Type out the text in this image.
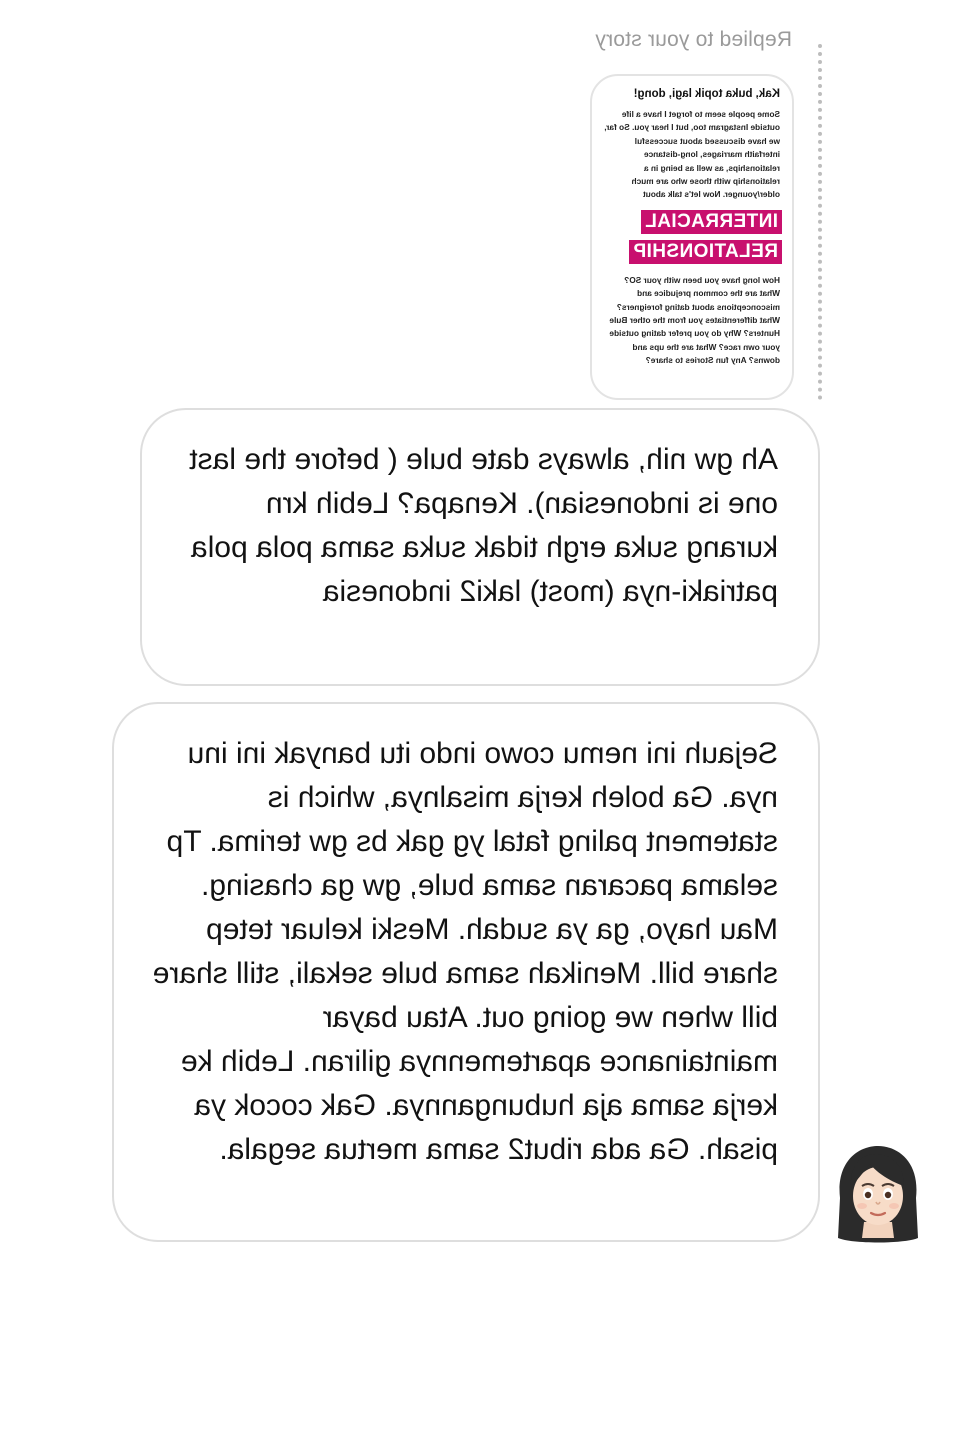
Replied to your story
Kak, buka topik lagi, dong!
Some people seem to forget I have a life outside Instagram too, but I hear you. So far, we have discussed about successful interfaith marriages, long-distance relationships, as well as being in a relationship with those who are much older/younger. Now let's talk about
INTERRACIAL
RELATIONSHIP
How long have you been with your SO? What are the common prejudice and misconceptions about dating foreigners? What differentiates you from the other Bule Hunters? Why do you prefer dating outside your own race? What are the ups and downs? Any fun Stories to share?
Ah gw nih, always date bule ( before the last one is indonesian). Kenapa? Lebih krn kurang suka ergh tidak suka sama pola pola patriaki-nya (most) laki2 indonesia
Sejauh ini nemu cowo indo itu banyak ini inu nya. Ga boleh kerja misalnya, which is statement paling fatal yg gak bs gw terima. Tp selama pacaran sama bule, gw ga chasing. Mau hayo, ga ya sudah. Meski keluar tetep share bill. Menikah sama bule sekali, still share bill when we going out. Atau bayar maintainance apartemennya giliran. Lebih ke kerja sama aja hubungannya. Gak cocok ya pisah. Ga ada ribut2 sama mertua segala.
